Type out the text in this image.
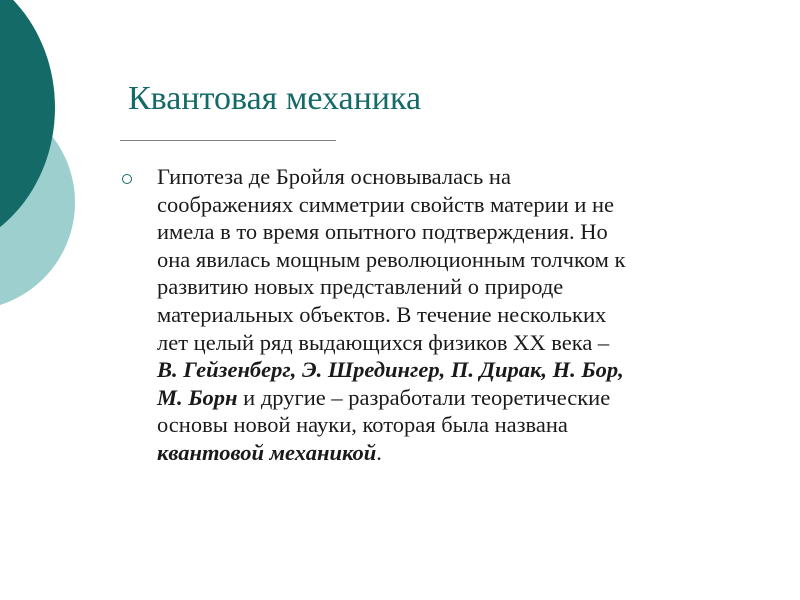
Квантовая механика

Гипотеза де Бройля основывалась на
соображениях симметрии свойств материи и не
имела в то время опытного подтверждения. Но
она явилась мощным революционным толчком к
развитию новых представлений о природе
материальных объектов. В течение нескольких
лет целый ряд выдающихся физиков XX века –
В. Гейзенберг, Э. Шредингер, П. Дирак, Н. Бор,
М. Борн и другие – разработали теоретические
основы новой науки, которая была названа
квантовой механикой.
